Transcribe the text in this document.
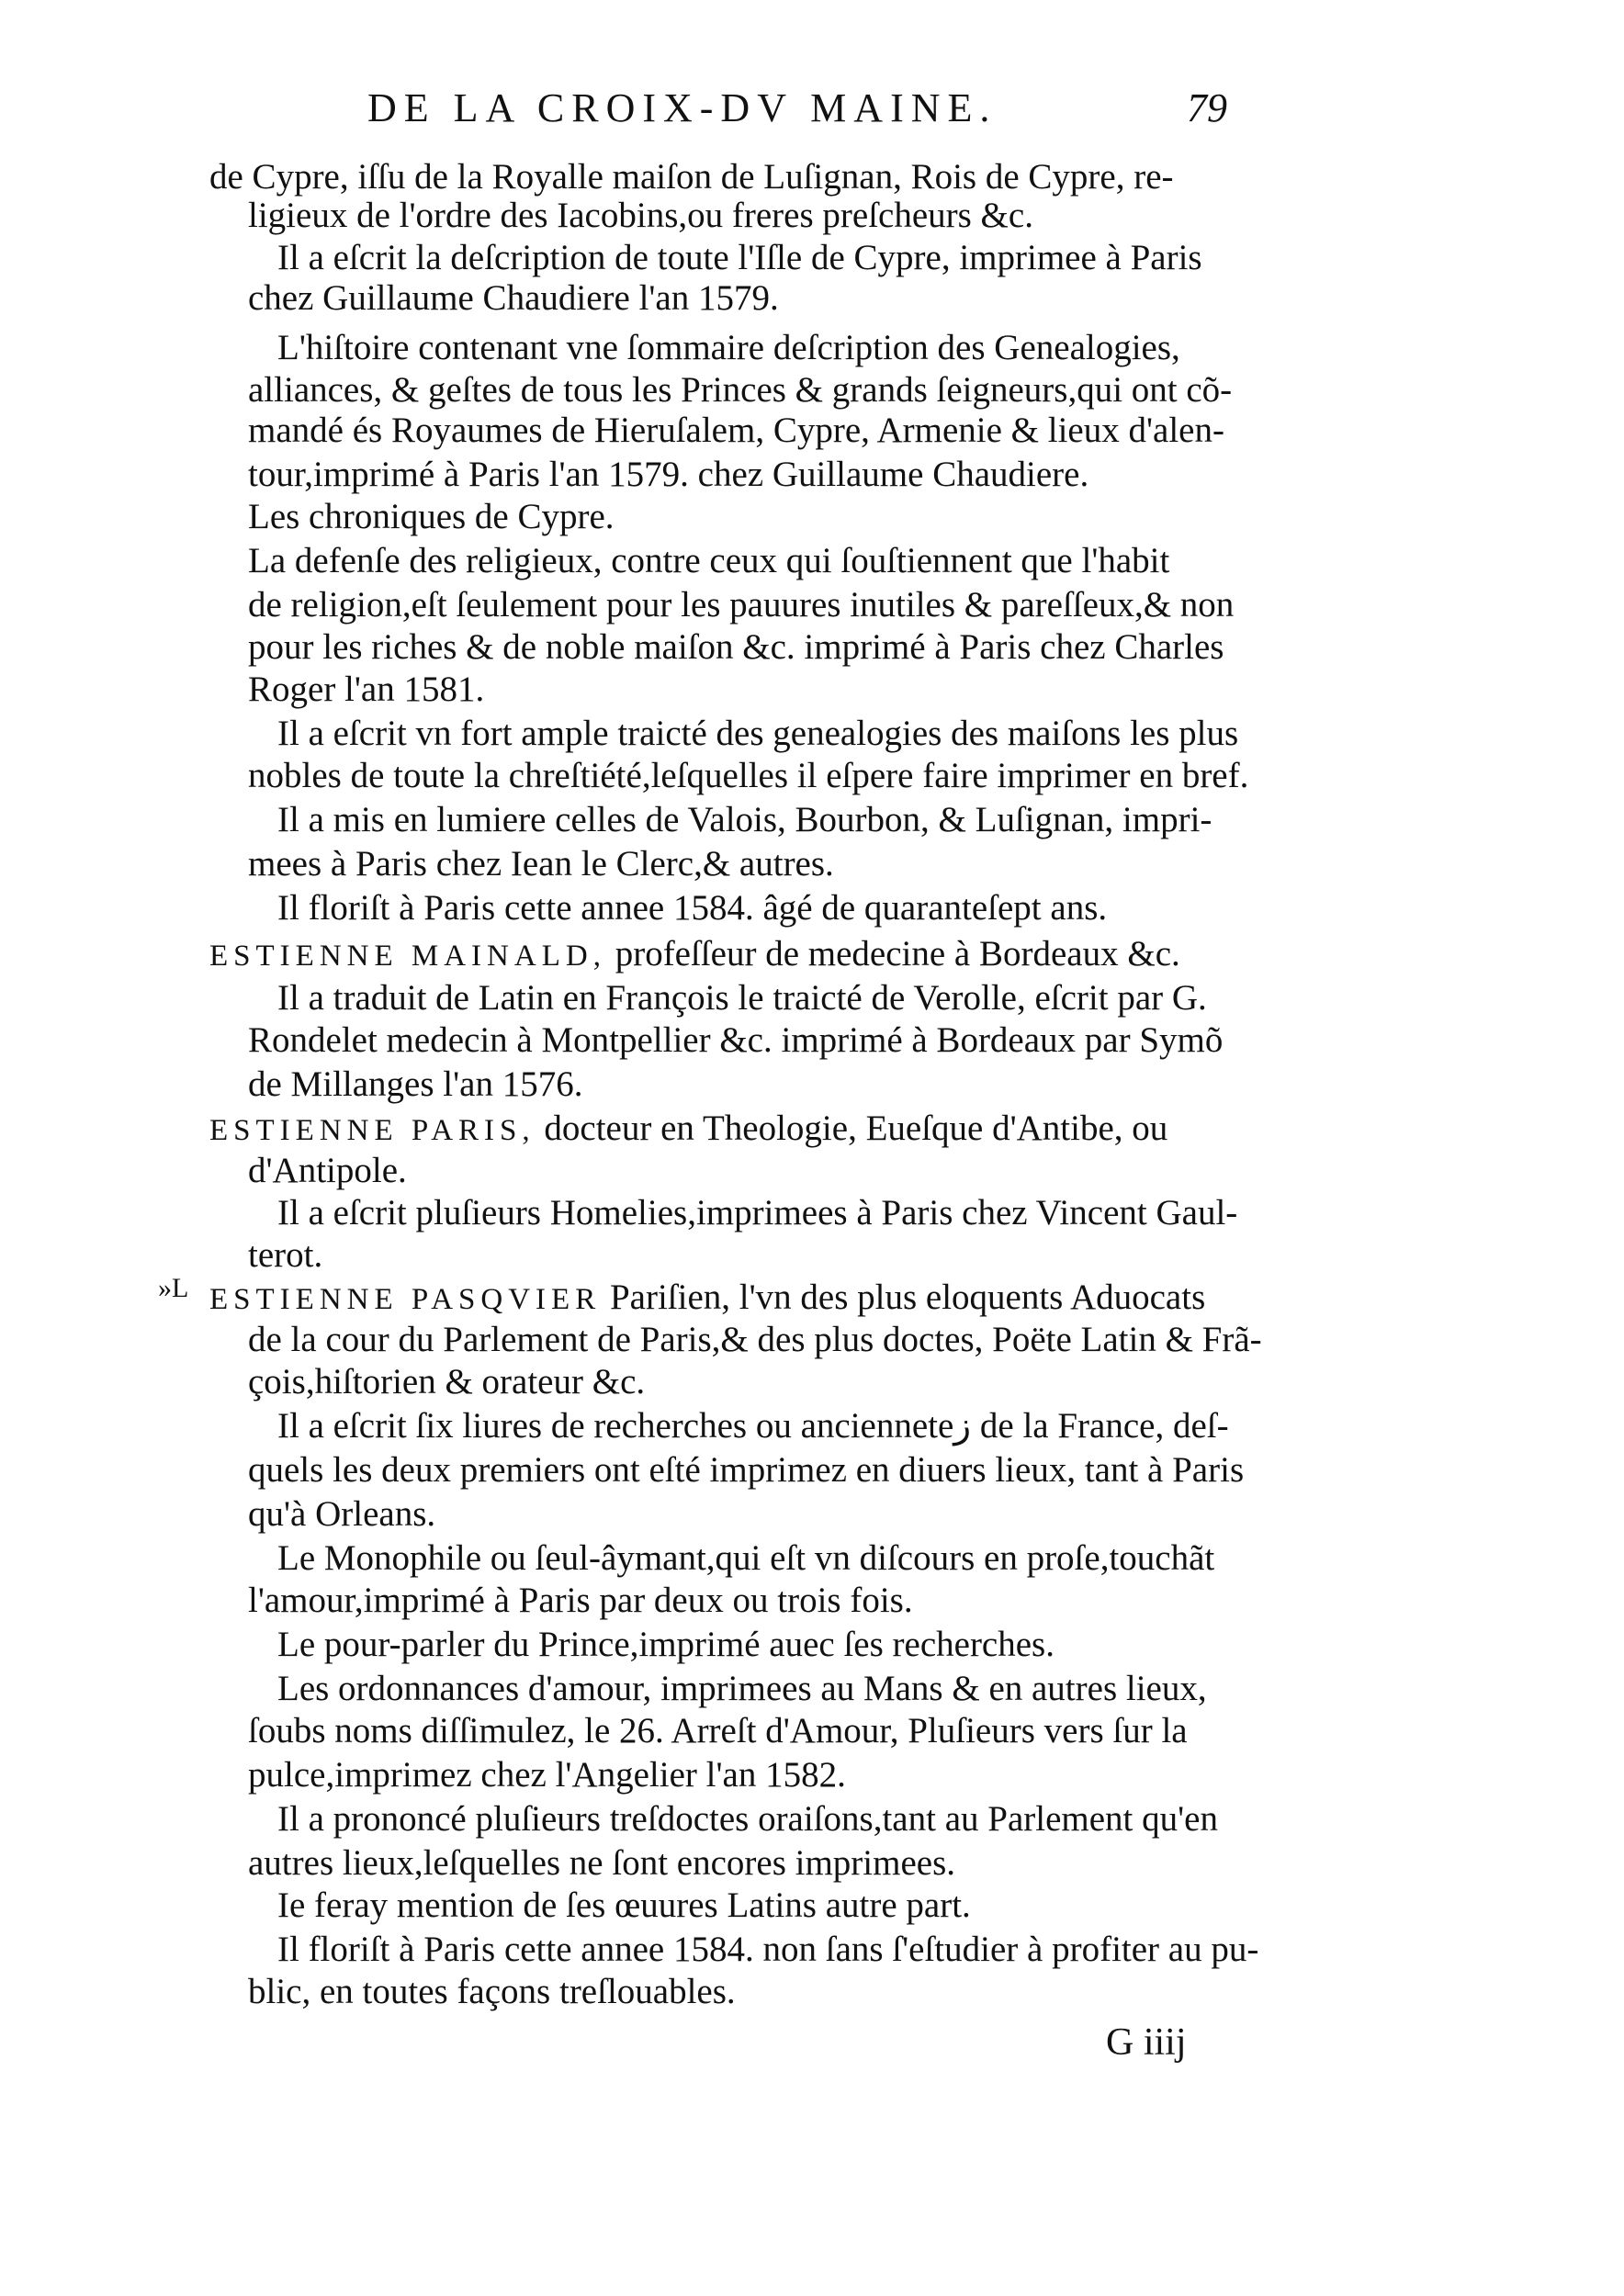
DE LA CROIX-DV MAINE.	79
de Cypre, iſſu de la Royalle maiſon de Luſignan, Rois de Cypre, re-
ligieux de l'ordre des Iacobins,ou freres preſcheurs &c.
Il a eſcrit la deſcription de toute l'Iſle de Cypre, imprimee à Paris
chez Guillaume Chaudiere l'an 1579.
L'hiſtoire contenant vne ſommaire deſcription des Genealogies,
alliances, & geſtes de tous les Princes & grands ſeigneurs,qui ont cõ-
mandé és Royaumes de Hieruſalem, Cypre, Armenie & lieux d'alen-
tour,imprimé à Paris l'an 1579. chez Guillaume Chaudiere.
Les chroniques de Cypre.
La defenſe des religieux, contre ceux qui ſouſtiennent que l'habit
de religion,eſt ſeulement pour les pauures inutiles & pareſſeux,& non
pour les riches & de noble maiſon &c. imprimé à Paris chez Charles
Roger l'an 1581.
Il a eſcrit vn fort ample traicté des genealogies des maiſons les plus
nobles de toute la chreſtiété,leſquelles il eſpere faire imprimer en bref.
Il a mis en lumiere celles de Valois, Bourbon, & Luſignan, impri-
mees à Paris chez Iean le Clerc,& autres.
Il floriſt à Paris cette annee 1584. âgé de quaranteſept ans.
ESTIENNE MAINALD, profeſſeur de medecine à Bordeaux &c.
Il a traduit de Latin en François le traicté de Verolle, eſcrit par G.
Rondelet medecin à Montpellier &c. imprimé à Bordeaux par Symõ
de Millanges l'an 1576.
ESTIENNE PARIS, docteur en Theologie, Eueſque d'Antibe, ou
d'Antipole.
Il a eſcrit pluſieurs Homelies,imprimees à Paris chez Vincent Gaul-
terot.
»L ESTIENNE PASQVIER Pariſien, l'vn des plus eloquents Aduocats
de la cour du Parlement de Paris,& des plus doctes, Poëte Latin & Frã-
çois,hiſtorien & orateur &c.
Il a eſcrit ſix liures de recherches ou ancienneteز de la France, deſ-
quels les deux premiers ont eſté imprimez en diuers lieux, tant à Paris
qu'à Orleans.
Le Monophile ou ſeul-âymant,qui eſt vn diſcours en proſe,touchãt
l'amour,imprimé à Paris par deux ou trois fois.
Le pour-parler du Prince,imprimé auec ſes recherches.
Les ordonnances d'amour, imprimees au Mans & en autres lieux,
ſoubs noms diſſimulez, le 26. Arreſt d'Amour, Pluſieurs vers ſur la
pulce,imprimez chez l'Angelier l'an 1582.
Il a prononcé pluſieurs treſdoctes oraiſons,tant au Parlement qu'en
autres lieux,leſquelles ne ſont encores imprimees.
Ie feray mention de ſes œuures Latins autre part.
Il floriſt à Paris cette annee 1584. non ſans ſ'eſtudier à profiter au pu-
blic, en toutes façons treſlouables.
G iiij
